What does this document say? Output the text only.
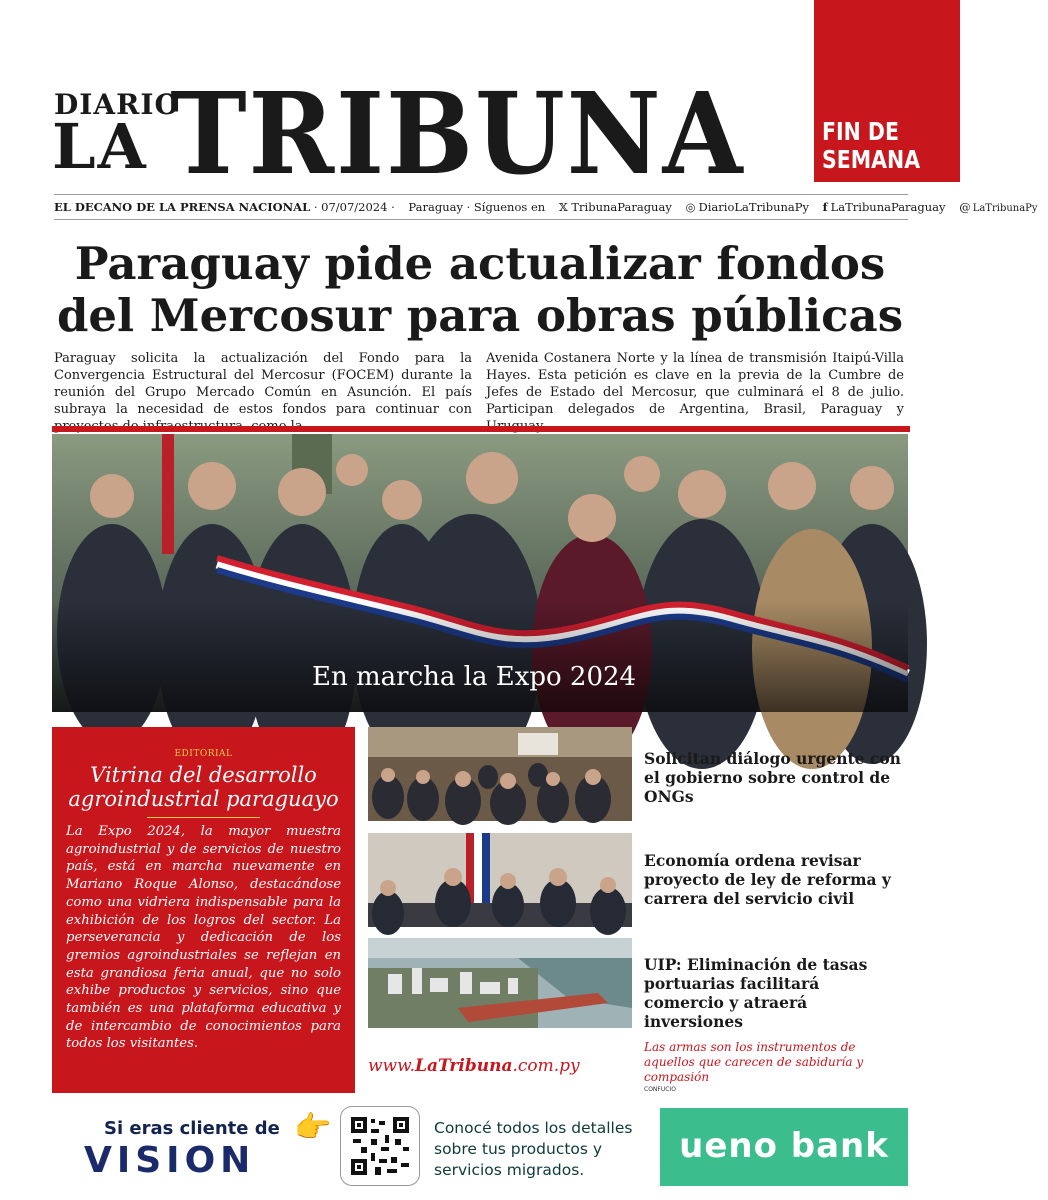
FIN DE
SEMANA
DIARIO
LA TRIBUNA
EL DECANO DE LA PRENSA NACIONAL · 07/07/2024 · Paraguay · Síguenos en 𝕏 TribunaParaguay ◎ DiarioLaTribunaPy f LaTribunaParaguay @ LaTribunaPy
Paraguay pide actualizar fondos
del Mercosur para obras públicas
Paraguay solicita la actualización del Fondo para la Convergencia Estructural del Mercosur (FOCEM) durante la reunión del Grupo Mercado Común en Asunción. El país subraya la necesidad de estos fondos para continuar con
Avenida Costanera Norte y la línea de transmisión Itaipú-Villa Hayes. Esta petición es clave en la previa de la Cumbre de Jefes de Estado del Mercosur, que culminará el 8 de julio. Participan delegados de Argentina, Brasil, Paraguay y
En marcha la Expo 2024
EDITORIAL
Vitrina del desarrollo agroindustrial paraguayo
La Expo 2024, la mayor muestra agroindustrial y de servicios de nuestro país, está en marcha nuevamente en Mariano Roque Alonso, destacándose como una vidriera indispensable para la exhibición de los logros del sector. La perseverancia y dedicación de los gremios agroindustriales se reflejan en esta grandiosa feria anual, que no solo exhibe productos y servicios, sino que también es una plataforma educativa y de intercambio de conocimientos para todos los visitantes.
Solicitan diálogo urgente con el gobierno sobre control de ONGs
Economía ordena revisar proyecto de ley de reforma y carrera del servicio civil
UIP: Eliminación de tasas portuarias facilitará comercio y atraerá inversiones
www.LaTribuna.com.py
Las armas son los instrumentos de aquellos que carecen de sabiduría y compasión
CONFUCIO
Si eras cliente de
VISION
👉	Conocé todos los detalles sobre tus productos y servicios migrados.
ueno bank
